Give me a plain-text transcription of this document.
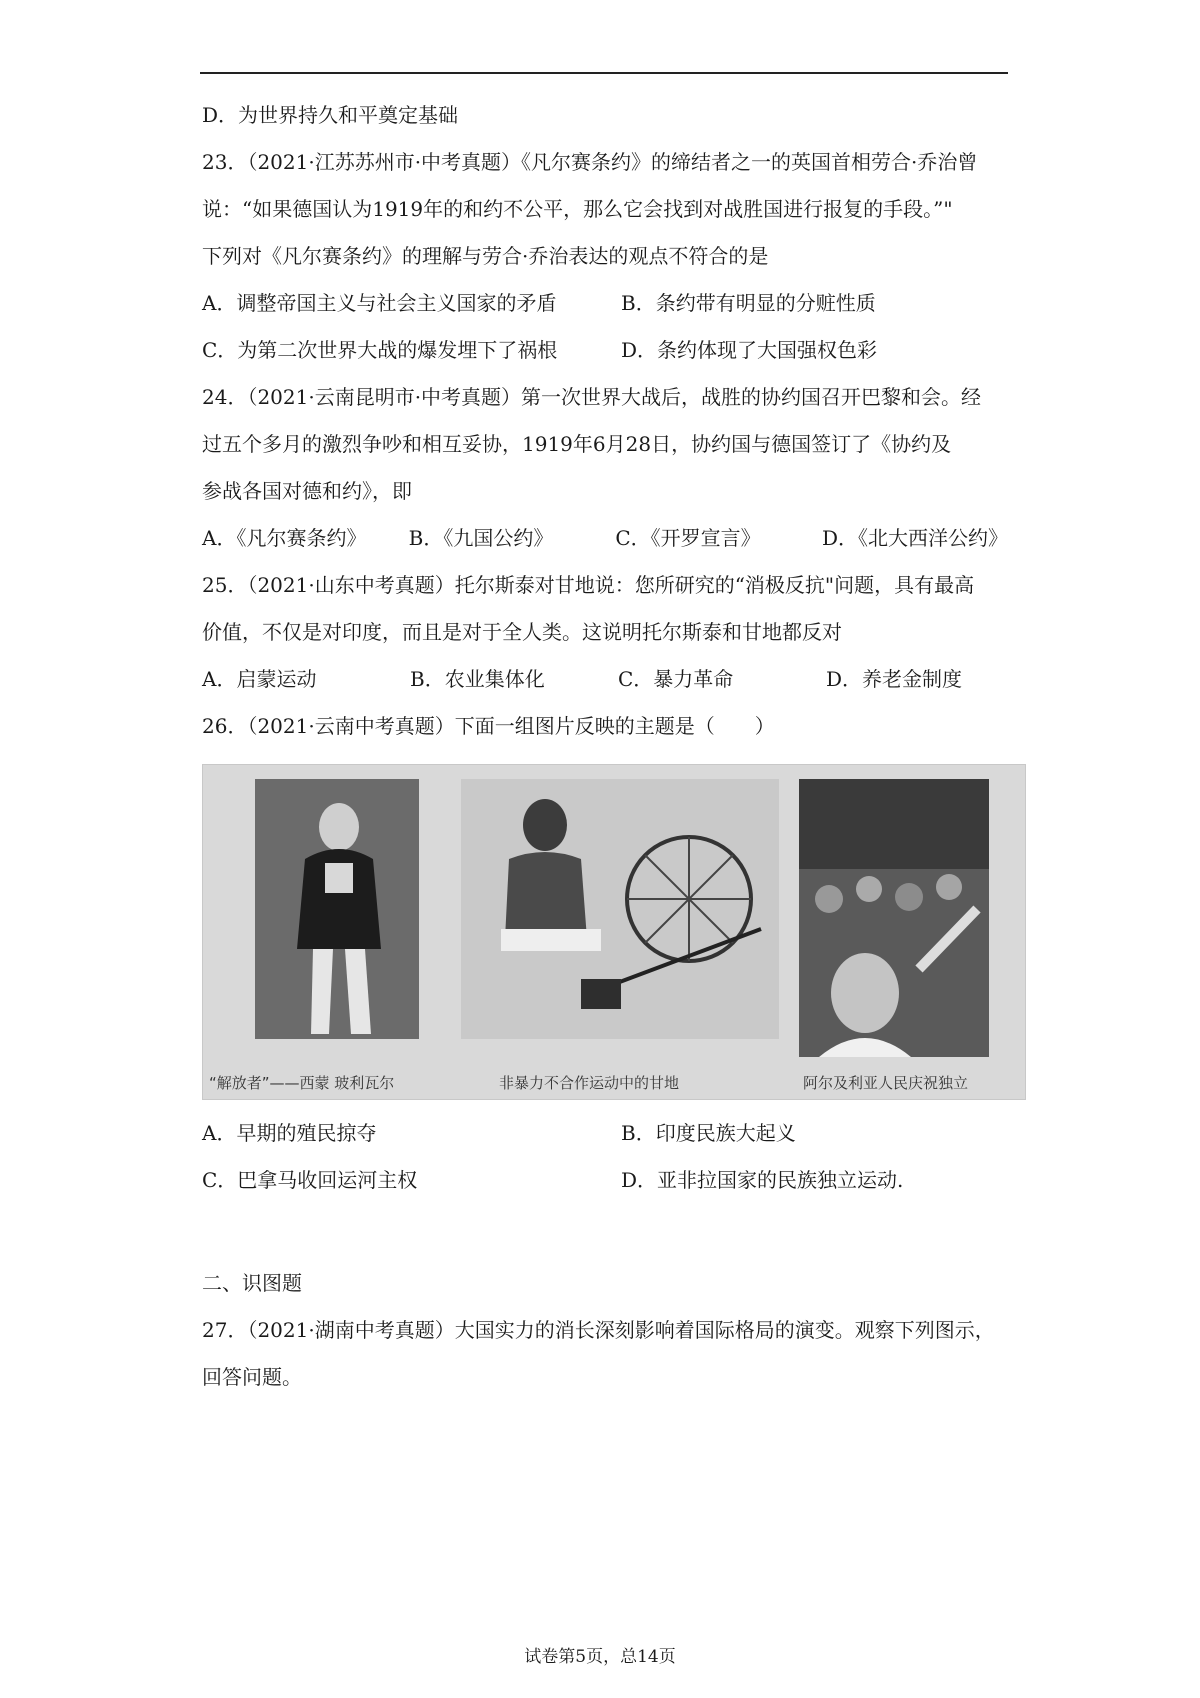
D．为世界持久和平奠定基础
23．（2021·江苏苏州市·中考真题）《凡尔赛条约》的缔结者之一的英国首相劳合·乔治曾
说：“如果德国认为1919年的和约不公平，那么它会找到对战胜国进行报复的手段。”"
下列对《凡尔赛条约》的理解与劳合·乔治表达的观点不符合的是
A．调整帝国主义与社会主义国家的矛盾	B．条约带有明显的分赃性质
C．为第二次世界大战的爆发埋下了祸根	D．条约体现了大国强权色彩
24．（2021·云南昆明市·中考真题）第一次世界大战后，战胜的协约国召开巴黎和会。经
过五个多月的激烈争吵和相互妥协，1919年6月28日，协约国与德国签订了《协约及
参战各国对德和约》，即
A．《凡尔赛条约》	B．《九国公约》	C．《开罗宣言》	D．《北大西洋公约》
25．（2021·山东中考真题）托尔斯泰对甘地说：您所研究的“消极反抗"问题，具有最高
价值，不仅是对印度，而且是对于全人类。这说明托尔斯泰和甘地都反对
A．启蒙运动	B．农业集体化	C．暴力革命	D．养老金制度
26．（2021·云南中考真题）下面一组图片反映的主题是（　　）
“解放者”——西蒙 玻利瓦尔	非暴力不合作运动中的甘地	阿尔及利亚人民庆祝独立
A．早期的殖民掠夺	B．印度民族大起义
C．巴拿马收回运河主权	D．亚非拉国家的民族独立运动.
二、识图题
27．（2021·湖南中考真题）大国实力的消长深刻影响着国际格局的演变。观察下列图示，
回答问题。
试卷第5页，总14页
